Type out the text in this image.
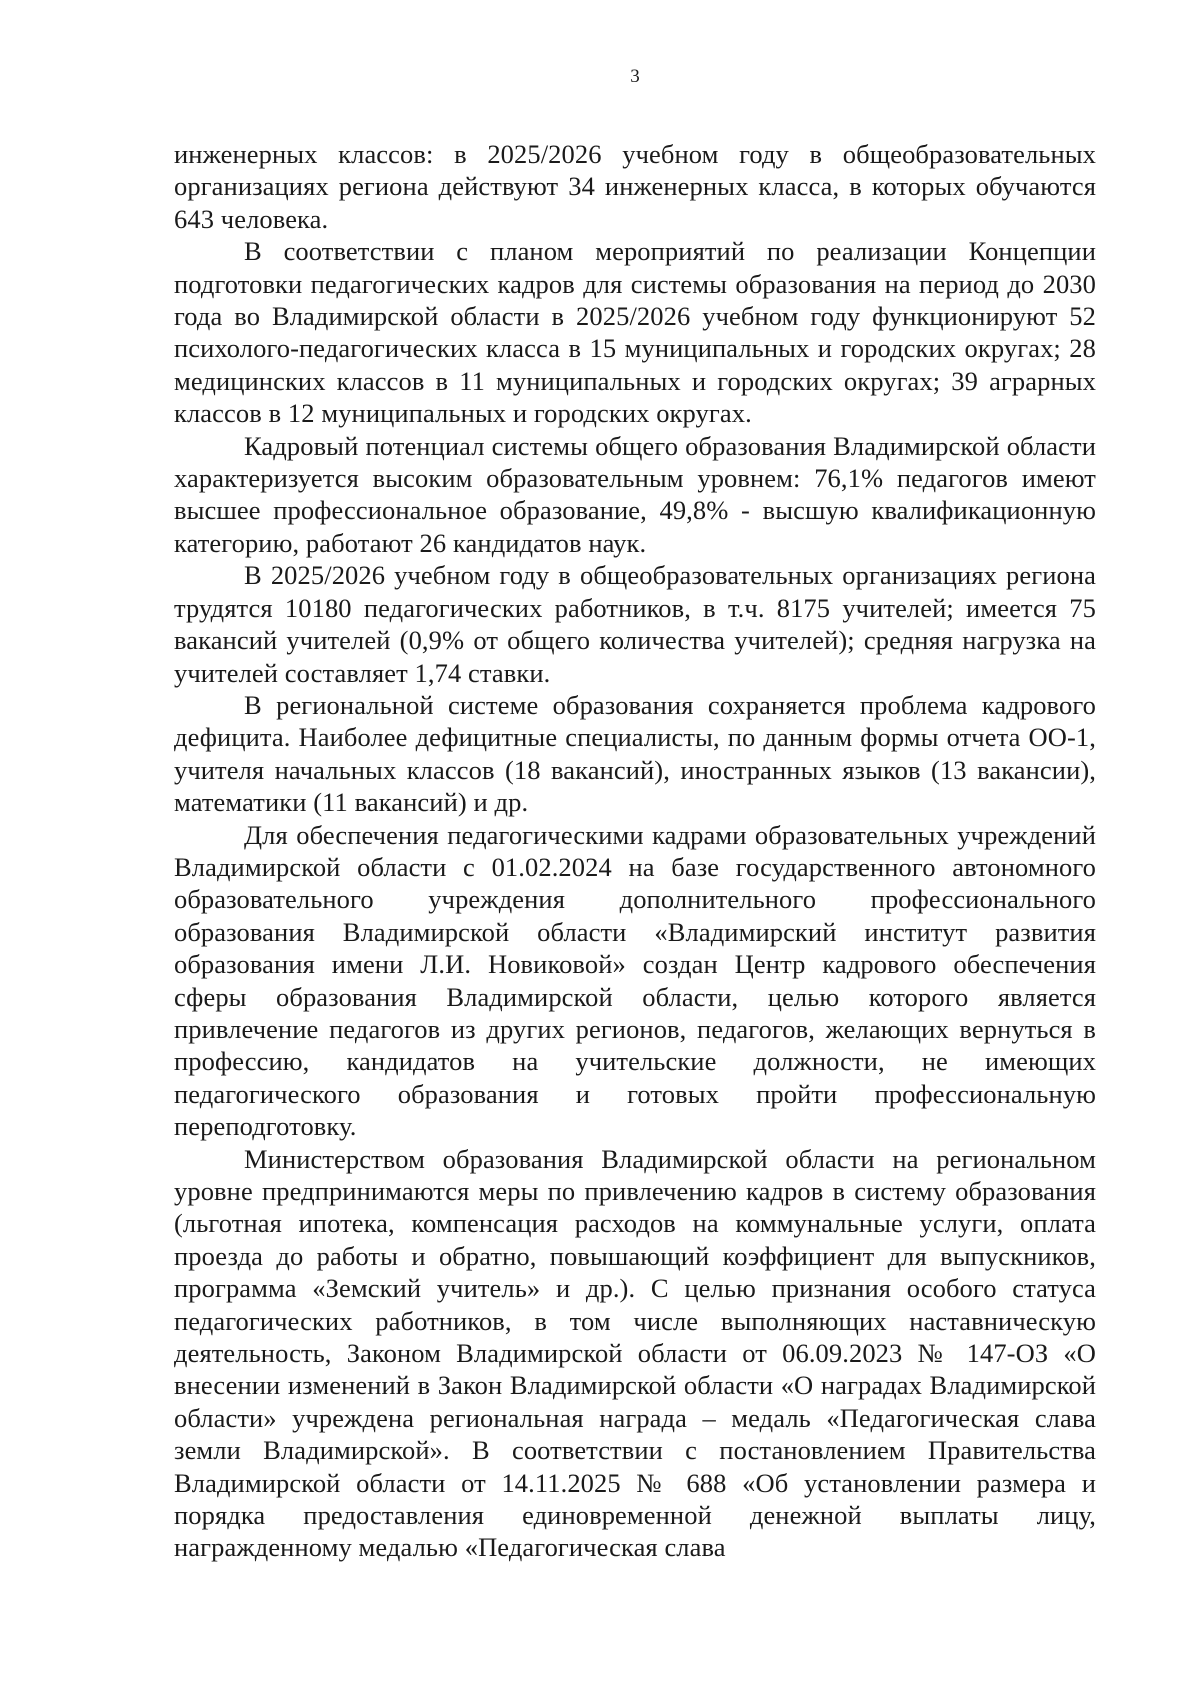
3

инженерных классов: в 2025/2026 учебном году в общеобразовательных организациях региона действуют 34 инженерных класса, в которых обучаются 643 человека.

В соответствии с планом мероприятий по реализации Концепции подготовки педагогических кадров для системы образования на период до 2030 года во Владимирской области в 2025/2026 учебном году функционируют 52 психолого-педагогических класса в 15 муниципальных и городских округах; 28 медицинских классов в 11 муниципальных и городских округах; 39 аграрных классов в 12 муниципальных и городских округах.

Кадровый потенциал системы общего образования Владимирской области характеризуется высоким образовательным уровнем: 76,1% педагогов имеют высшее профессиональное образование, 49,8% - высшую квалификационную категорию, работают 26 кандидатов наук.

В 2025/2026 учебном году в общеобразовательных организациях региона трудятся 10180 педагогических работников, в т.ч. 8175 учителей; имеется 75 вакансий учителей (0,9% от общего количества учителей); средняя нагрузка на учителей составляет 1,74 ставки.

В региональной системе образования сохраняется проблема кадрового дефицита. Наиболее дефицитные специалисты, по данным формы отчета ОО-1, учителя начальных классов (18 вакансий), иностранных языков (13 вакансии), математики (11 вакансий) и др.

Для обеспечения педагогическими кадрами образовательных учреждений Владимирской области с 01.02.2024 на базе государственного автономного образовательного учреждения дополнительного профессионального образования Владимирской области «Владимирский институт развития образования имени Л.И. Новиковой» создан Центр кадрового обеспечения сферы образования Владимирской области, целью которого является привлечение педагогов из других регионов, педагогов, желающих вернуться в профессию, кандидатов на учительские должности, не имеющих педагогического образования и готовых пройти профессиональную переподготовку.

Министерством образования Владимирской области на региональном уровне предпринимаются меры по привлечению кадров в систему образования (льготная ипотека, компенсация расходов на коммунальные услуги, оплата проезда до работы и обратно, повышающий коэффициент для выпускников, программа «Земский учитель» и др.). С целью признания особого статуса педагогических работников, в том числе выполняющих наставническую деятельность, Законом Владимирской области от 06.09.2023 № 147-ОЗ «О внесении изменений в Закон Владимирской области «О наградах Владимирской области» учреждена региональная награда – медаль «Педагогическая слава земли Владимирской». В соответствии с постановлением Правительства Владимирской области от 14.11.2025 № 688 «Об установлении размера и порядка предоставления единовременной денежной выплаты лицу, награжденному медалью «Педагогическая слава
